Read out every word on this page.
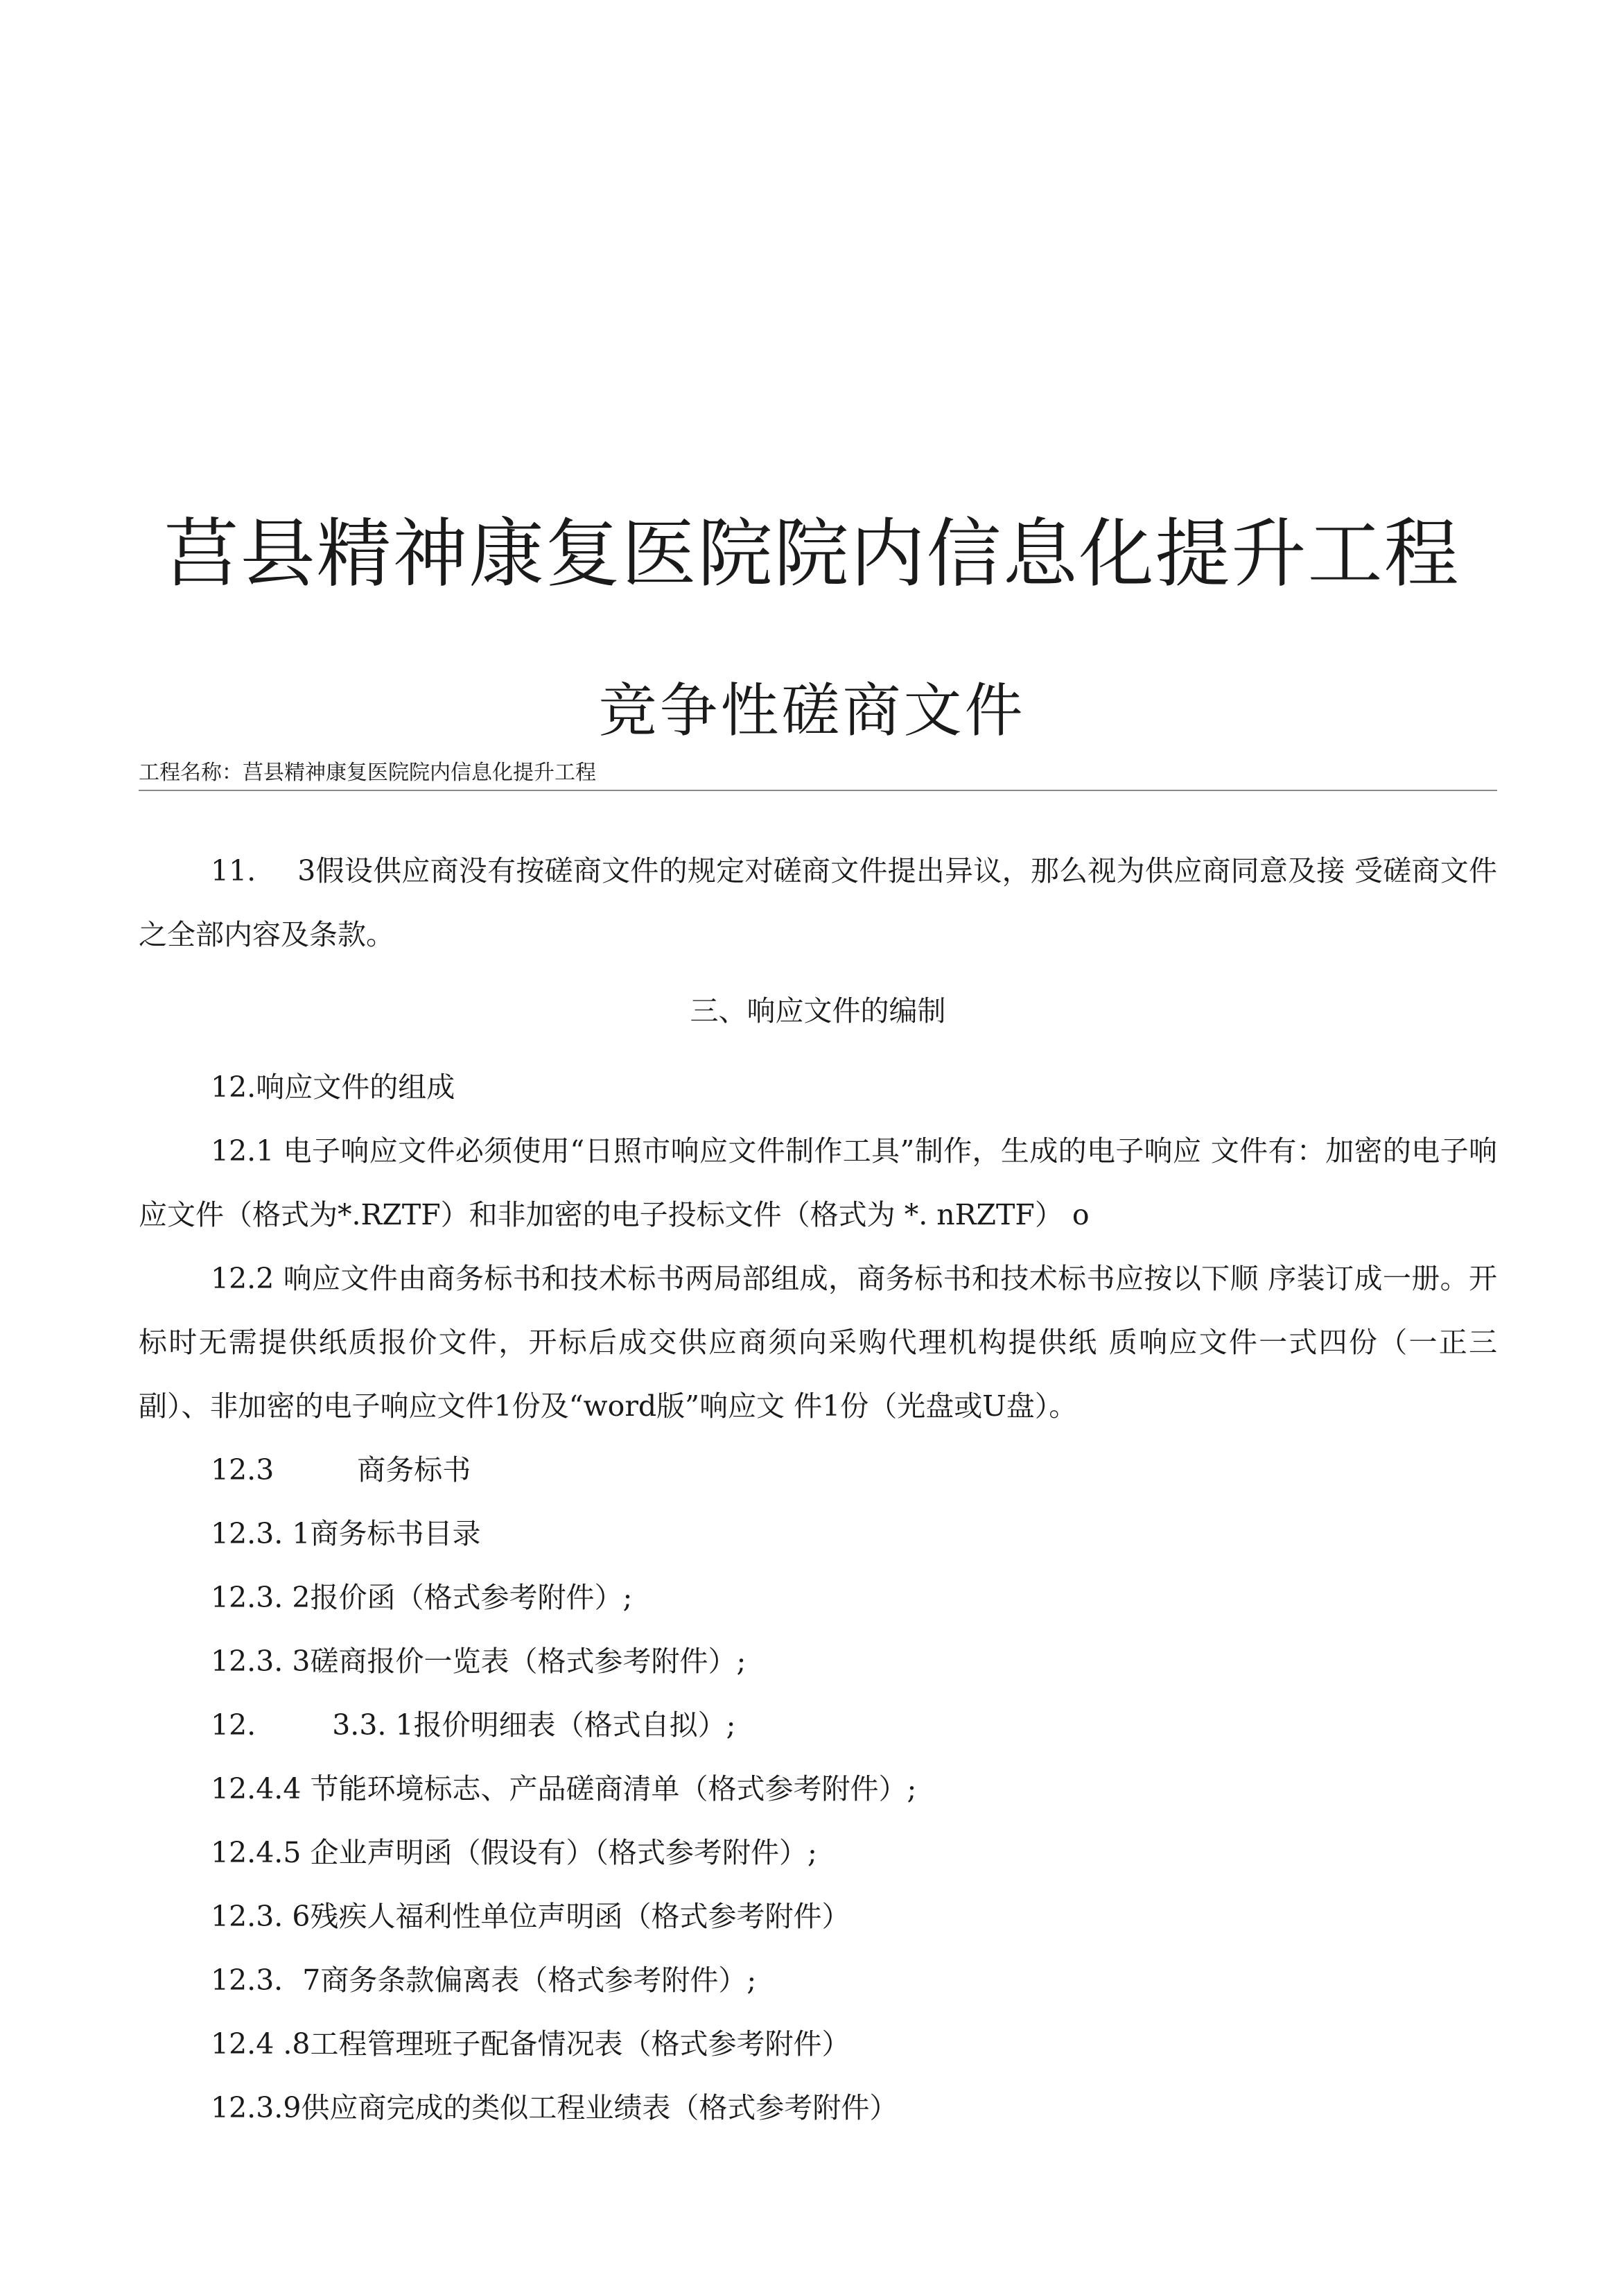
莒县精神康复医院院内信息化提升工程
竞争性磋商文件
工程名称：莒县精神康复医院院内信息化提升工程

11. 3假设供应商没有按磋商文件的规定对磋商文件提出异议，那么视为供应商同意及接 受磋商文件之全部内容及条款。

三、响应文件的编制

12.响应文件的组成

12.1 电子响应文件必须使用“日照市响应文件制作工具”制作，生成的电子响应 文件有：加密的电子响应文件（格式为*.RZTF）和非加密的电子投标文件（格式为 *. nRZTF） o

12.2 响应文件由商务标书和技术标书两局部组成，商务标书和技术标书应按以下顺 序装订成一册。开标时无需提供纸质报价文件，开标后成交供应商须向采购代理机构提供纸 质响应文件一式四份（一正三副）、非加密的电子响应文件1份及“word版”响应文 件1份（光盘或U盘）。

12.3	商务标书

12.3. 1商务标书目录

12.3. 2报价函（格式参考附件）;

12.3. 3磋商报价一览表（格式参考附件）;

12.	3.3. 1报价明细表（格式自拟）;

12.4.4 节能环境标志、产品磋商清单（格式参考附件）;

12.4.5 企业声明函（假设有）（格式参考附件）;

12.3. 6残疾人福利性单位声明函（格式参考附件）

12.3．7商务条款偏离表（格式参考附件）;

12.4 .8工程管理班子配备情况表（格式参考附件）

12.3.9供应商完成的类似工程业绩表（格式参考附件）
